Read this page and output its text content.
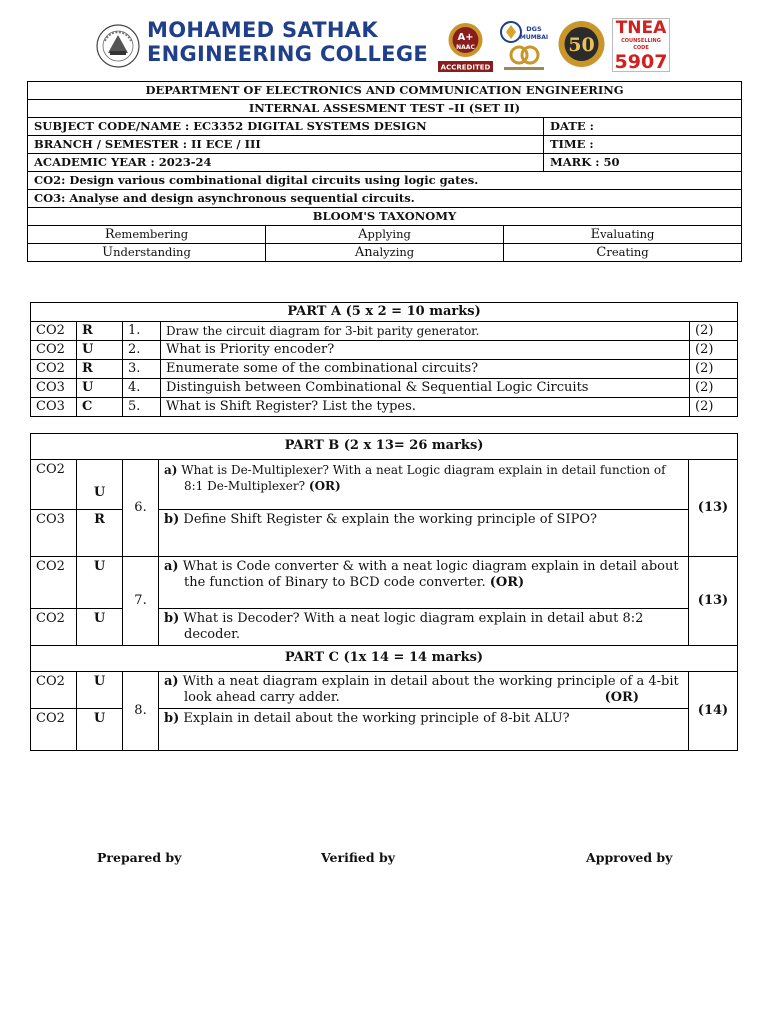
MOHAMED SATHAK
ENGINEERING COLLEGE
A+
NAAC
ACCREDITED
DGS
MUMBAI 50
TNEA
COUNSELLING CODE
5907
DEPARTMENT OF ELECTRONICS AND COMMUNICATION ENGINEERING			
INTERNAL ASSESMENT TEST –II (SET II)			
SUBJECT CODE/NAME : EC3352 DIGITAL SYSTEMS DESIGN			DATE :
BRANCH / SEMESTER : II ECE / III			TIME :
ACADEMIC YEAR : 2023-24			MARK : 50
CO2: Design various combinational digital circuits using logic gates.			
CO3: Analyse and design asynchronous sequential circuits.			
BLOOM'S TAXONOMY			
Remembering	Applying	Evaluating	
Understanding	Analyzing	Creating	
PART A (5 x 2 = 10 marks)				
CO2	R	1.	Draw the circuit diagram for 3-bit parity generator.	(2)
CO2	U	2.	What is Priority encoder?	(2)
CO2	R	3.	Enumerate some of the combinational circuits?	(2)
CO3	U	4.	Distinguish between Combinational & Sequential Logic Circuits	(2)
CO3	C	5.	What is Shift Register? List the types.	(2)
PART B (2 x 13= 26 marks)				
CO2	U	6.	a) What is De-Multiplexer? With a neat Logic diagram explain in detail function of
8:1 De-Multiplexer? (OR)	(13)
CO3	R		b) Define Shift Register & explain the working principle of SIPO?	
CO2	U	7.	a) What is Code converter & with a neat logic diagram explain in detail about
the function of Binary to BCD code converter. (OR)	(13)
CO2	U		b) What is Decoder? With a neat logic diagram explain in detail abut 8:2
decoder.	
PART C (1x 14 = 14 marks)				
CO2	U	8.	a) With a neat diagram explain in detail about the working principle of a 4-bit
look ahead carry adder. (OR)	(14)
CO2	U		b) Explain in detail about the working principle of 8-bit ALU?	
Prepared by	Verified by	Approved by
